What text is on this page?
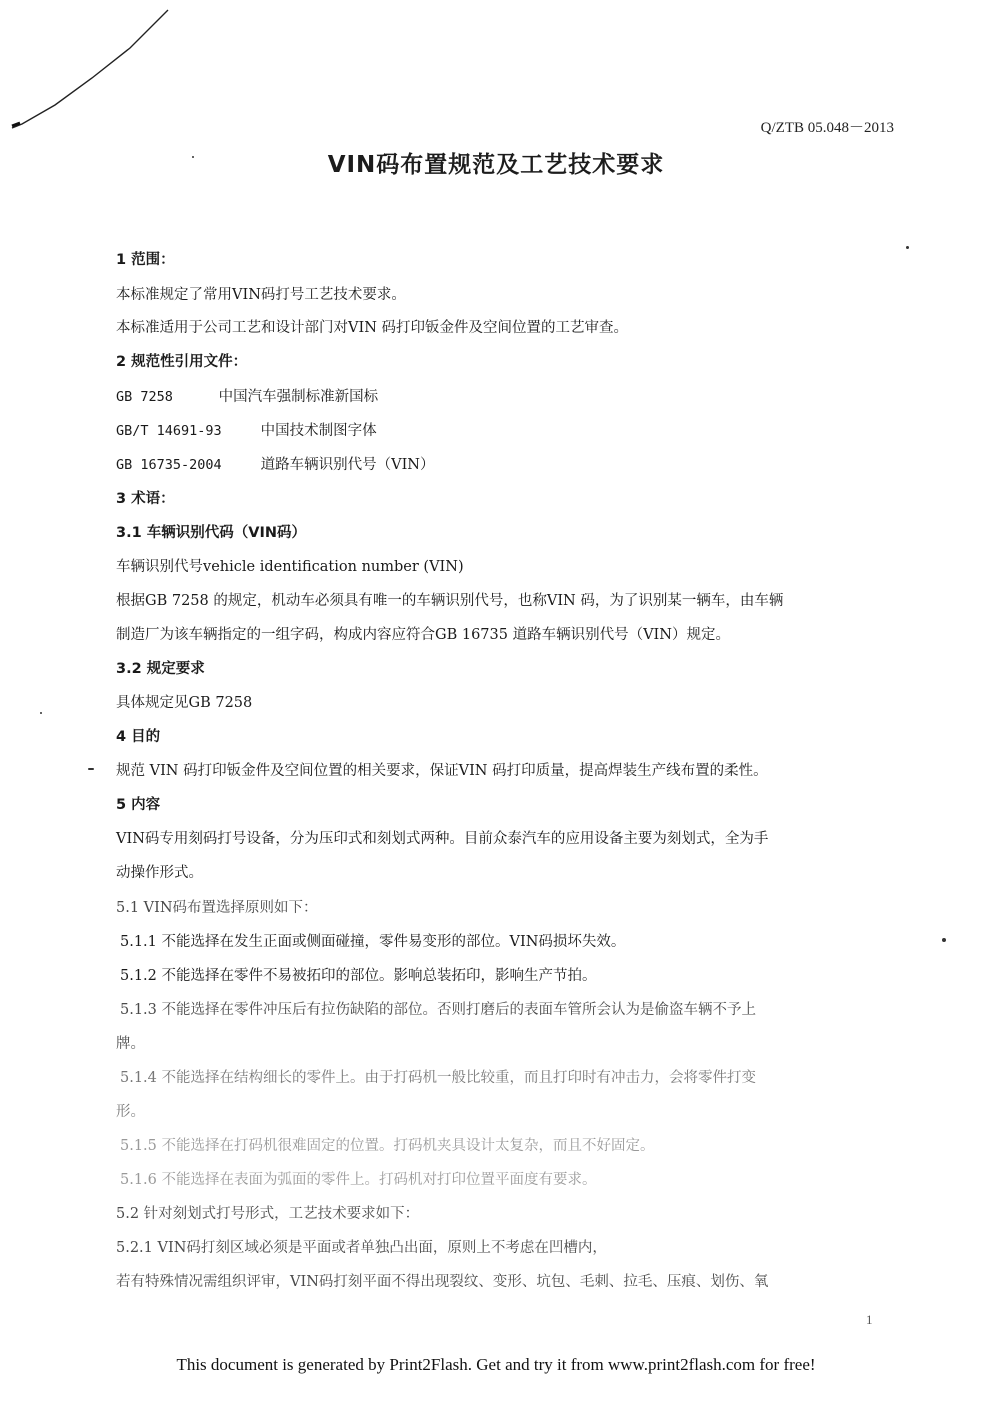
Q/ZTB 05.048－2013
VIN码布置规范及工艺技术要求
1 范围：
本标准规定了常用VIN码打号工艺技术要求。
本标准适用于公司工艺和设计部门对VIN 码打印钣金件及空间位置的工艺审查。
2 规范性引用文件：
GB 7258	中国汽车强制标准新国标
GB/T 14691-93	中国技术制图字体
GB 16735-2004	道路车辆识别代号（VIN）
3 术语：
3.1 车辆识别代码（VIN码）
车辆识别代号vehicle identification number (VIN)
根据GB 7258 的规定，机动车必须具有唯一的车辆识别代号，也称VIN 码，为了识别某一辆车，由车辆
制造厂为该车辆指定的一组字码，构成内容应符合GB 16735 道路车辆识别代号（VIN）规定。
3.2 规定要求
具体规定见GB 7258
4 目的
规范 VIN 码打印钣金件及空间位置的相关要求，保证VIN 码打印质量，提高焊装生产线布置的柔性。
5 内容
VIN码专用刻码打号设备，分为压印式和刻划式两种。目前众泰汽车的应用设备主要为刻划式，全为手
动操作形式。
5.1 VIN码布置选择原则如下：
5.1.1 不能选择在发生正面或侧面碰撞，零件易变形的部位。VIN码损坏失效。
5.1.2 不能选择在零件不易被拓印的部位。影响总装拓印，影响生产节拍。
5.1.3 不能选择在零件冲压后有拉伤缺陷的部位。否则打磨后的表面车管所会认为是偷盗车辆不予上
牌。
5.1.4 不能选择在结构细长的零件上。由于打码机一般比较重，而且打印时有冲击力，会将零件打变
形。
5.1.5 不能选择在打码机很难固定的位置。打码机夹具设计太复杂，而且不好固定。
5.1.6 不能选择在表面为弧面的零件上。打码机对打印位置平面度有要求。
5.2 针对刻划式打号形式，工艺技术要求如下：
5.2.1 VIN码打刻区域必须是平面或者单独凸出面，原则上不考虑在凹槽内，
若有特殊情况需组织评审，VIN码打刻平面不得出现裂纹、变形、坑包、毛刺、拉毛、压痕、划伤、氧
1
This document is generated by Print2Flash. Get and try it from www.print2flash.com for free!
